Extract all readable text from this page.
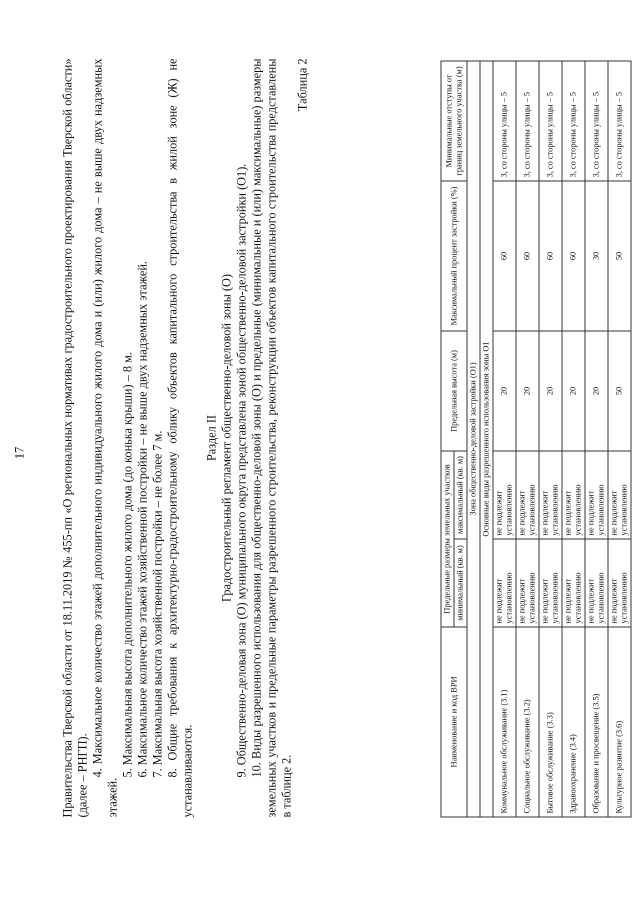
17	Правительства Тверской области от 18.11.2019 № 455-пп «О региональных нормативах градостроительного проектирования Тверской области» (далее – РНГП). 4. Максимальное количество этажей дополнительного индивидуального жилого дома и (или) жилого дома – не выше двух надземных этажей.

5. Максимальная высота дополнительного жилого дома (до конька крыши) – 8 м. 6. Максимальное количество этажей хозяйственной постройки – не выше двух надземных этажей. 7. Максимальная высота хозяйственной постройки – не более 7 м. 8. Общие требования к архитектурно-градостроительному облику объектов капитального строительства в жилой зоне (Ж) не устанавливаются.

Раздел II Градостроительный регламент общественно-деловой зоны (О) 9. Общественно-деловая зона (О) муниципального округа представлена зоной общественно-деловой застройки (О1). 10. Виды разрешенного использования для общественно-деловой зоны (О) и предельные (минимальные и (или) максимальные) размеры земельных участков и предельные параметры разрешенного строительства, реконструкции объектов капитального строительства представлены в таблице 2.

Таблица 2

Наименование и код ВРИ	Предельные размеры земельных участков		Предельная высота (м)	Максимальный процент застройки (%)	Минимальные отступы от границ земельного участка (м)
	минимальный (кв. м)	максимальный (кв. м)			
Зона общественно-деловой застройки (О1)					
Основные виды разрешенного использования зоны О1					
Коммунальное обслуживание (3.1)	не подлежит установлению	не подлежит установлению	20	60	3, со стороны улицы – 5
Социальное обслуживание (3.2)	не подлежит установлению	не подлежит установлению	20	60	3, со стороны улицы – 5
Бытовое обслуживание (3.3)	не подлежит установлению	не подлежит установлению	20	60	3, со стороны улицы – 5
Здравоохранение (3.4)	не подлежит установлению	не подлежит установлению	20	60	3, со стороны улицы – 5
Образование и просвещение (3.5)	не подлежит установлению	не подлежит установлению	20	30	3, со стороны улицы – 5
Культурное развитие (3.6)	не подлежит установлению	не подлежит установлению	50	50	3, со стороны улицы – 5
